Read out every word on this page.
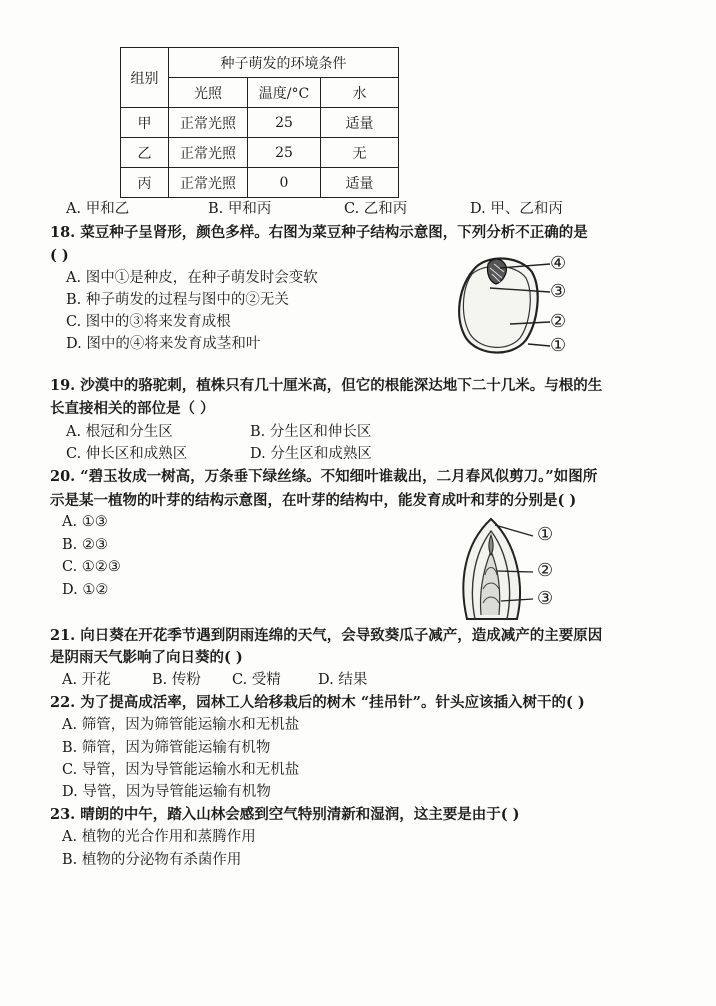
组别	种子萌发的环境条件		
	光照	温度/°C	水
甲	正常光照	25	适量
乙	正常光照	25	无
丙	正常光照	0	适量
A. 甲和乙	B. 甲和丙	C. 乙和丙	D. 甲、乙和丙
18. 菜豆种子呈肾形，颜色多样。右图为菜豆种子结构示意图，下列分析不正确的是
( )
A. 图中①是种皮，在种子萌发时会变软
B. 种子萌发的过程与图中的②无关
C. 图中的③将来发育成根
D. 图中的④将来发育成茎和叶
④
③
②
①
19. 沙漠中的骆驼刺，植株只有几十厘米高，但它的根能深达地下二十几米。与根的生
长直接相关的部位是（ ）
A. 根冠和分生区	B. 分生区和伸长区
C. 伸长区和成熟区	D. 分生区和成熟区
20. “碧玉妆成一树高，万条垂下绿丝绦。不知细叶谁裁出，二月春风似剪刀。”如图所
示是某一植物的叶芽的结构示意图，在叶芽的结构中，能发育成叶和芽的分别是( )
A. ①③
B. ②③
C. ①②③
D. ①②
①
②
③
21. 向日葵在开花季节遇到阴雨连绵的天气，会导致葵瓜子减产，造成减产的主要原因
是阴雨天气影响了向日葵的( )
A. 开花	B. 传粉 C. 受精	D. 结果
22. 为了提高成活率，园林工人给移栽后的树木 “挂吊针”。针头应该插入树干的( )
A. 筛管，因为筛管能运输水和无机盐
B. 筛管，因为筛管能运输有机物
C. 导管，因为导管能运输水和无机盐
D. 导管，因为导管能运输有机物
23. 晴朗的中午，踏入山林会感到空气特别清新和湿润，这主要是由于( )
A. 植物的光合作用和蒸腾作用
B. 植物的分泌物有杀菌作用
